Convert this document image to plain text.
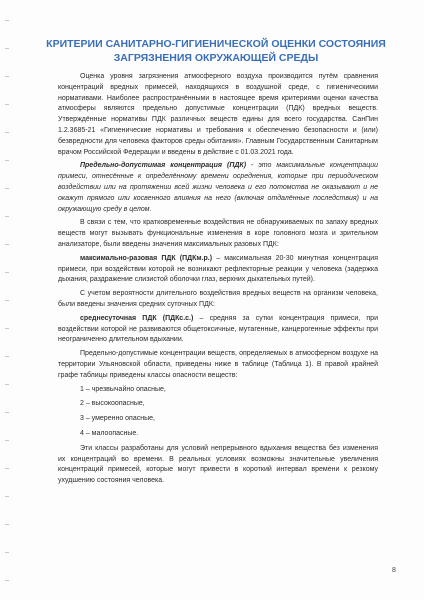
КРИТЕРИИ САНИТАРНО-ГИГИЕНИЧЕСКОЙ ОЦЕНКИ СОСТОЯНИЯ ЗАГРЯЗНЕНИЯ ОКРУЖАЮЩЕЙ СРЕДЫ

Оценка уровня загрязнения атмосферного воздуха производится путём сравнения концентраций вредных примесей, находящихся в воздушной среде, с гигиеническими нормативами. Наиболее распространёнными в настоящее время критериями оценки качества атмосферы являются предельно допустимые концентрации (ПДК) вредных веществ. Утверждённые нормативы ПДК различных веществ едины для всего государства. СанПин 1.2.3685-21 «Гигиенические нормативы и требования к обеспечению безопасности и (или) безвредности для человека факторов среды обитания». Главным Государственным Санитарным врачом Российской Федерации и введены в действие с 01.03.2021 года.

Предельно-допустимая концентрация (ПДК) - это максимальные концентрации примеси, отнесённые к определённому времени осреднения, которые при периодическом воздействии или на протяжении всей жизни человека и его потомства не оказывают и не окажут прямого или косвенного влияния на него (включая отдалённые последствия) и на окружающую среду в целом.

В связи с тем, что кратковременные воздействия не обнаруживаемых по запаху вредных веществ могут вызывать функциональные изменения в коре головного мозга и зрительном анализаторе, были введены значения максимальных разовых ПДК:

максимально-разовая ПДК (ПДКм.р.) – максимальная 20-30 минутная концентрация примеси, при воздействии которой не возникают рефлекторные реакции у человека (задержка дыхания, раздражение слизистой оболочки глаз, верхних дыхательных путей).

С учетом вероятности длительного воздействия вредных веществ на организм человека, были введены значения средних суточных ПДК:

среднесуточная ПДК (ПДКс.с.) – средняя за сутки концентрация примеси, при воздействии которой не развиваются общетоксичные, мутагенные, канцерогенные эффекты при неограниченно длительном вдыхании.

Предельно-допустимые концентрации веществ, определяемых в атмосферном воздухе на территории Ульяновской области, приведены ниже в таблице (Таблица 1). В правой крайней графе таблицы приведены классы опасности веществ:

1 – чрезвычайно опасные,
2 – высокоопасные,
3 – умеренно опасные,
4 – малоопасные.

Эти классы разработаны для условий непрерывного вдыхания вещества без изменения их концентраций во времени. В реальных условиях возможны значительные увеличения концентраций примесей, которые могут привести в короткий интервал времени к резкому ухудшению состояния человека.

8
